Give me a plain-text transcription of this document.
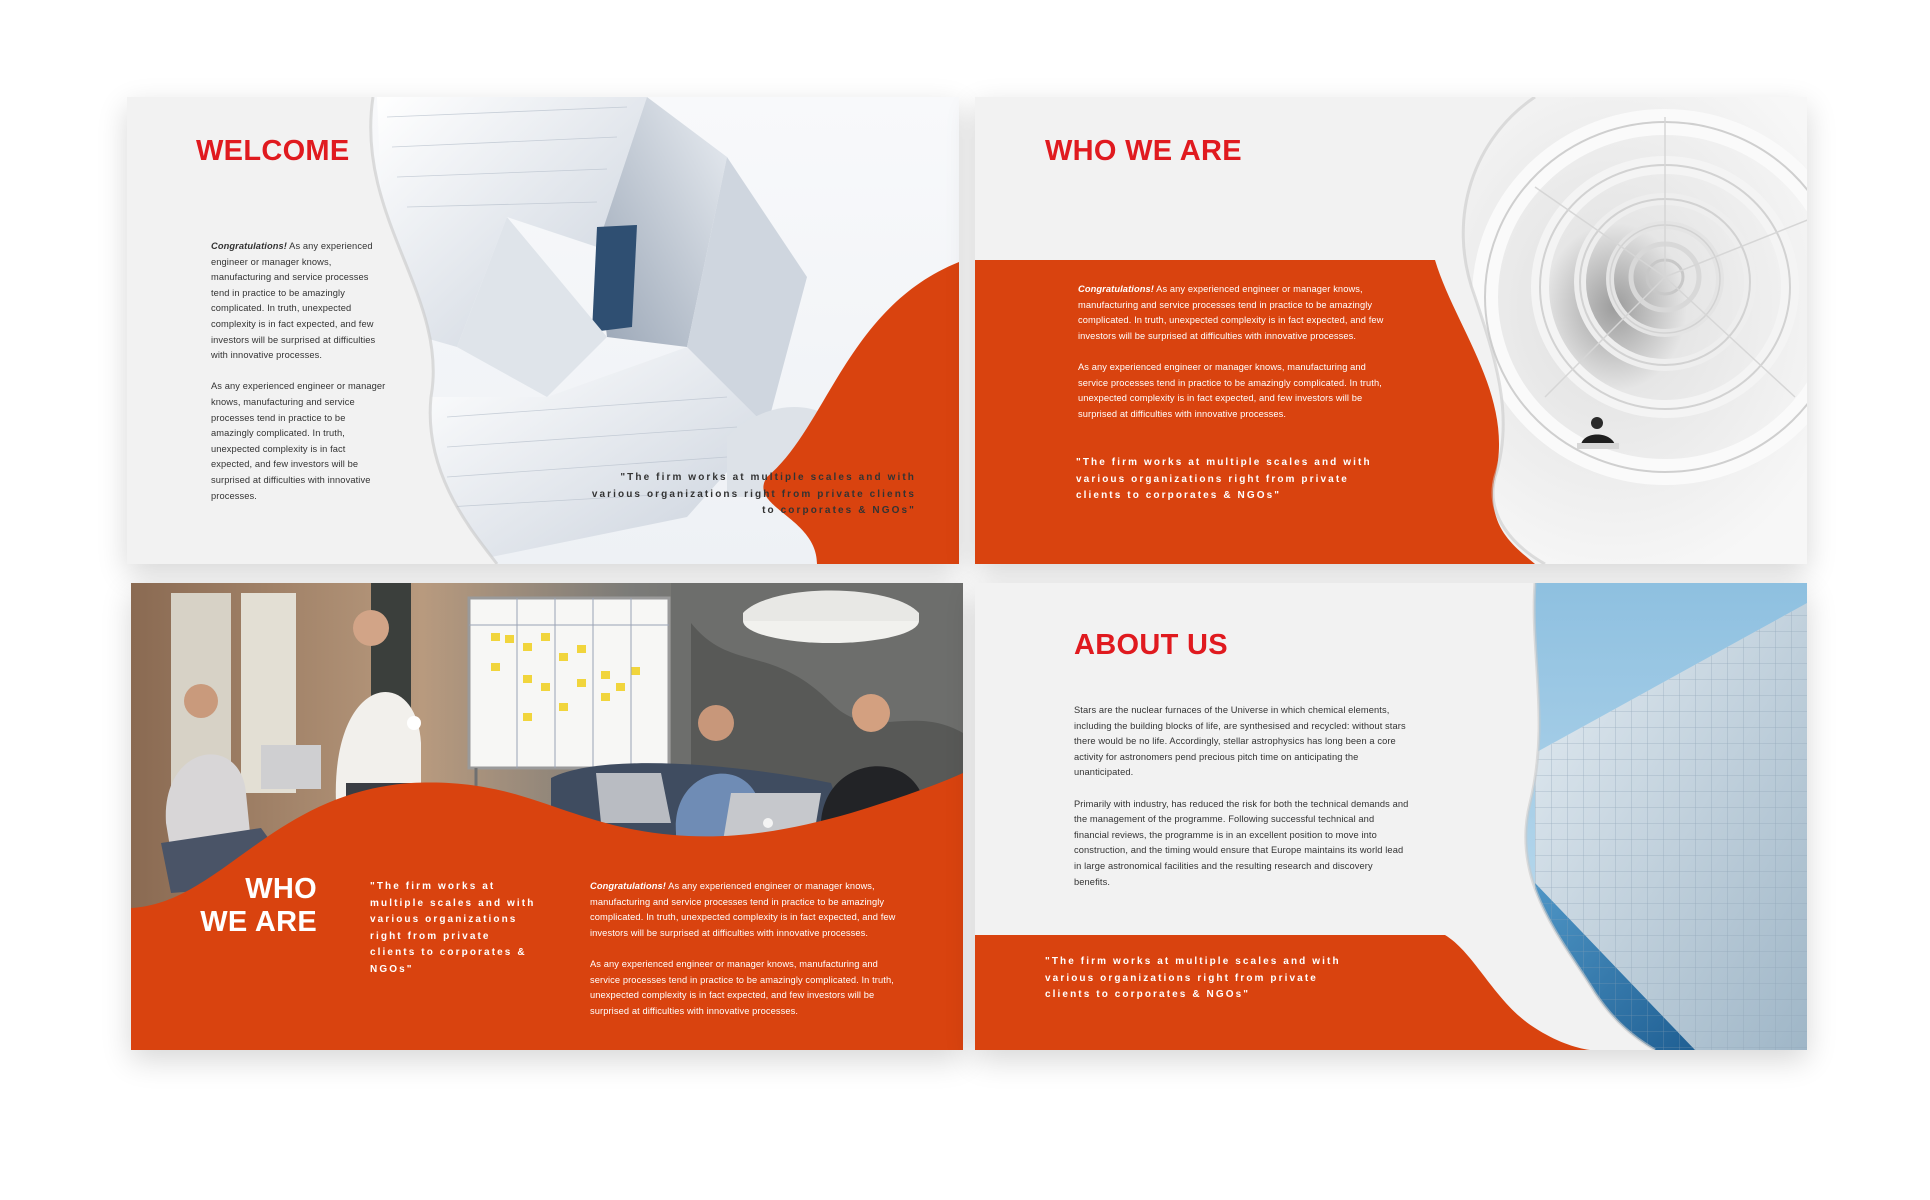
WELCOME

Congratulations! As any experienced engineer or manager knows, manufacturing and service processes tend in practice to be amazingly complicated. In truth, unexpected complexity is in fact expected, and few investors will be surprised at difficulties with innovative processes.

As any experienced engineer or manager knows, manufacturing and service processes tend in practice to be amazingly complicated. In truth, unexpected complexity is in fact expected, and few investors will be surprised at difficulties with innovative processes.

"The firm works at multiple scales and with various organizations right from private clients to corporates & NGOs"
WHO WE ARE

Congratulations! As any experienced engineer or manager knows, manufacturing and service processes tend in practice to be amazingly complicated. In truth, unexpected complexity is in fact expected, and few investors will be surprised at difficulties with innovative processes.

As any experienced engineer or manager knows, manufacturing and service processes tend in practice to be amazingly complicated. In truth, unexpected complexity is in fact expected, and few investors will be surprised at difficulties with innovative processes.

"The firm works at multiple scales and with various organizations right from private clients to corporates & NGOs"
WHO
WE ARE
"The firm works at multiple scales and with various organizations right from private clients to corporates & NGOs"

Congratulations! As any experienced engineer or manager knows, manufacturing and service processes tend in practice to be amazingly complicated. In truth, unexpected complexity is in fact expected, and few investors will be surprised at difficulties with innovative processes.

As any experienced engineer or manager knows, manufacturing and service processes tend in practice to be amazingly complicated. In truth, unexpected complexity is in fact expected, and few investors will be surprised at difficulties with innovative processes.

ABOUT US

Stars are the nuclear furnaces of the Universe in which chemical elements, including the building blocks of life, are synthesised and recycled: without stars there would be no life. Accordingly, stellar astrophysics has long been a core activity for astronomers pend precious pitch time on anticipating the unanticipated.

Primarily with industry, has reduced the risk for both the technical demands and the management of the programme. Following successful technical and financial reviews, the programme is in an excellent position to move into construction, and the timing would ensure that Europe maintains its world lead in large astronomical facilities and the resulting research and discovery benefits.

"The firm works at multiple scales and with various organizations right from private clients to corporates & NGOs"
